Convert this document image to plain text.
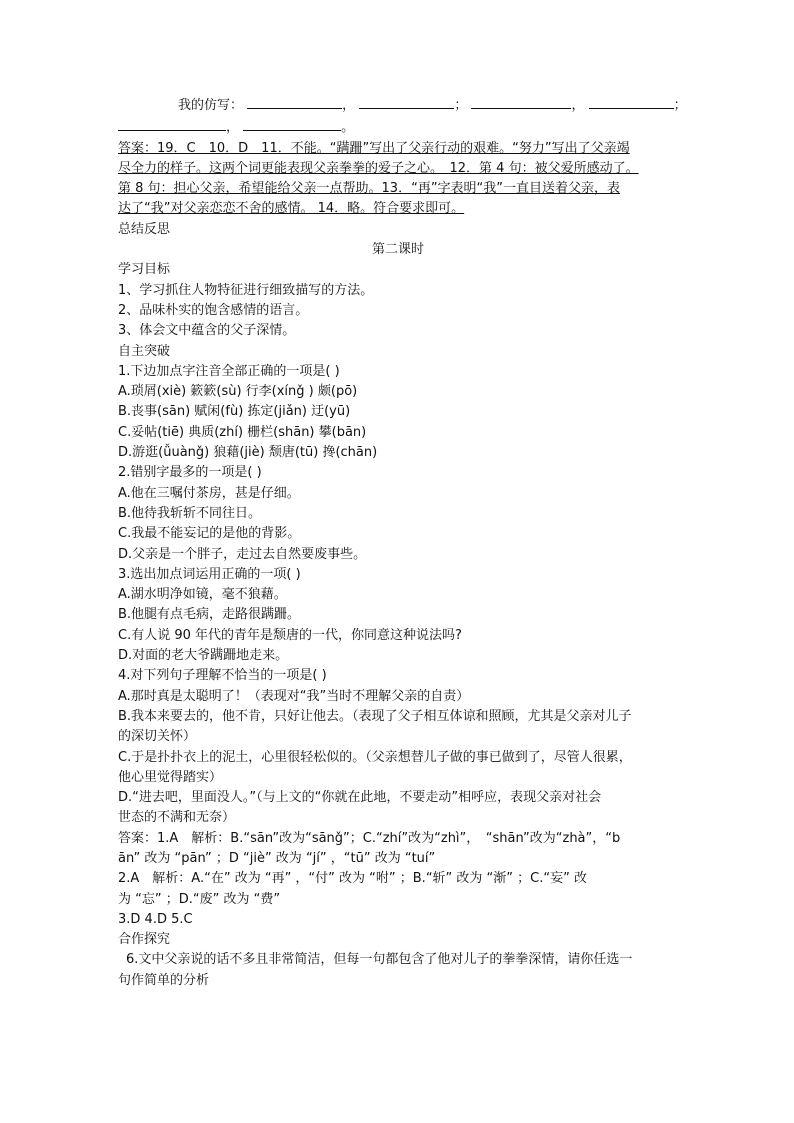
我的仿写：	，	；	，	；
，	。
答案：19．C　10．D　11．不能。“蹒跚”写出了父亲行动的艰难。“努力”写出了父亲竭
尽全力的样子。这两个词更能表现父亲拳拳的爱子之心。　12．第 4 句：被父爱所感动了。
第 8 句：担心父亲，希望能给父亲一点帮助。13．“再”字表明“我”一直目送着父亲，表
达了“我”对父亲恋恋不舍的感情。 14．略。符合要求即可。
总结反思
第二课时
学习目标
1、学习抓住人物特征进行细致描写的方法。
2、品味朴实的饱含感情的语言。
3、体会文中蕴含的父子深情。
自主突破
1.下边加点字注音全部正确的一项是( )
A.琐屑(xiè) 簌簌(sù) 行李(xínǧ ) 颇(pō)
B.丧事(sān) 赋闲(fù) 拣定(jiǎn) 迂(yū)
C.妥帖(tiē) 典质(zhí) 栅栏(shān) 攀(bān)
D.游逛(ǚuànǧ) 狼藉(jiè) 颓唐(tū) 搀(chān)
2.错别字最多的一项是( )
A.他在三嘱付茶房，甚是仔细。
B.他待我斩斩不同往日。
C.我最不能妄记的是他的背影。
D.父亲是一个胖子，走过去自然要废事些。
3.选出加点词运用正确的一项( )
A.湖水明净如镜，毫不狼藉。
B.他腿有点毛病，走路很蹒跚。
C.有人说 90 年代的青年是颓唐的一代，你同意这种说法吗?
D.对面的老大爷蹒跚地走来。
4.对下列句子理解不恰当的一项是( )
A.那时真是太聪明了！（表现对“我”当时不理解父亲的自责）
B.我本来要去的，他不肯，只好让他去。（表现了父子相互体谅和照顾，尤其是父亲对儿子
的深切关怀）
C.于是扑扑衣上的泥土，心里很轻松似的。（父亲想替儿子做的事已做到了，尽管人很累，
他心里觉得踏实）
D.“进去吧，里面没人。”（与上文的“你就在此地，不要走动”相呼应，表现父亲对社会
世态的不满和无奈）
答案：1.A　解析：B.“sān”改为“sānǧ”；C.“zhí”改为“zhì”，　“shān”改为“zhà”，“b
ān” 改为 “pān” ；D “jiè” 改为 “jí” ，“tū” 改为 “tuí”
2.A　解析：A.“在” 改为 “再” ，“付” 改为 “咐” ；B.“斩” 改为 “渐” ；C.“妄” 改
为 “忘” ；D.“废” 改为 “费”
3.D 4.D 5.C
合作探究
6.文中父亲说的话不多且非常简洁，但每一句都包含了他对儿子的拳拳深情，请你任选一
句作简单的分析
